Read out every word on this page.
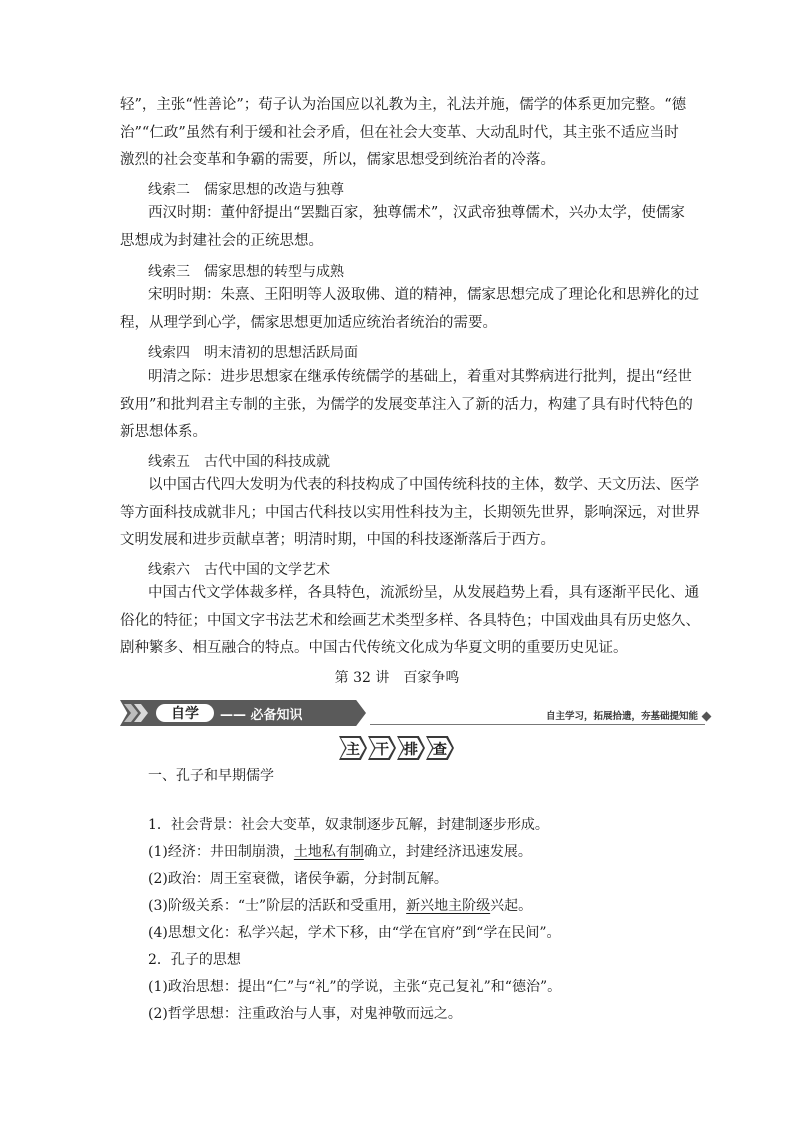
轻”，主张“性善论”；荀子认为治国应以礼教为主，礼法并施，儒学的体系更加完整。“德
治”“仁政”虽然有利于缓和社会矛盾，但在社会大变革、大动乱时代，其主张不适应当时
激烈的社会变革和争霸的需要，所以，儒家思想受到统治者的冷落。

线索二 儒家思想的改造与独尊

西汉时期：董仲舒提出“罢黜百家，独尊儒术”，汉武帝独尊儒术，兴办太学，使儒家
思想成为封建社会的正统思想。

线索三 儒家思想的转型与成熟

宋明时期：朱熹、王阳明等人汲取佛、道的精神，儒家思想完成了理论化和思辨化的过
程，从理学到心学，儒家思想更加适应统治者统治的需要。

线索四 明末清初的思想活跃局面

明清之际：进步思想家在继承传统儒学的基础上，着重对其弊病进行批判，提出“经世
致用”和批判君主专制的主张，为儒学的发展变革注入了新的活力，构建了具有时代特色的
新思想体系。

线索五 古代中国的科技成就

以中国古代四大发明为代表的科技构成了中国传统科技的主体，数学、天文历法、医学
等方面科技成就非凡；中国古代科技以实用性科技为主，长期领先世界，影响深远，对世界
文明发展和进步贡献卓著；明清时期，中国的科技逐渐落后于西方。

线索六 古代中国的文学艺术

中国古代文学体裁多样，各具特色，流派纷呈，从发展趋势上看，具有逐渐平民化、通
俗化的特征；中国文字书法艺术和绘画艺术类型多样、各具特色；中国戏曲具有历史悠久、
剧种繁多、相互融合的特点。中国古代传统文化成为华夏文明的重要历史见证。

第 32 讲　百家争鸣
自学	—— 必备知识	自主学习，拓展拾遗，夯基础提知能
主	干	排	查
一、孔子和早期儒学
1．社会背景：社会大变革，奴隶制逐步瓦解，封建制逐步形成。
(1)经济：井田制崩溃，土地私有制确立，封建经济迅速发展。
(2)政治：周王室衰微，诸侯争霸，分封制瓦解。
(3)阶级关系：“士”阶层的活跃和受重用，新兴地主阶级兴起。
(4)思想文化：私学兴起，学术下移，由“学在官府”到“学在民间”。
2．孔子的思想
(1)政治思想：提出“仁”与“礼”的学说，主张“克己复礼”和“德治”。
(2)哲学思想：注重政治与人事，对鬼神敬而远之。
